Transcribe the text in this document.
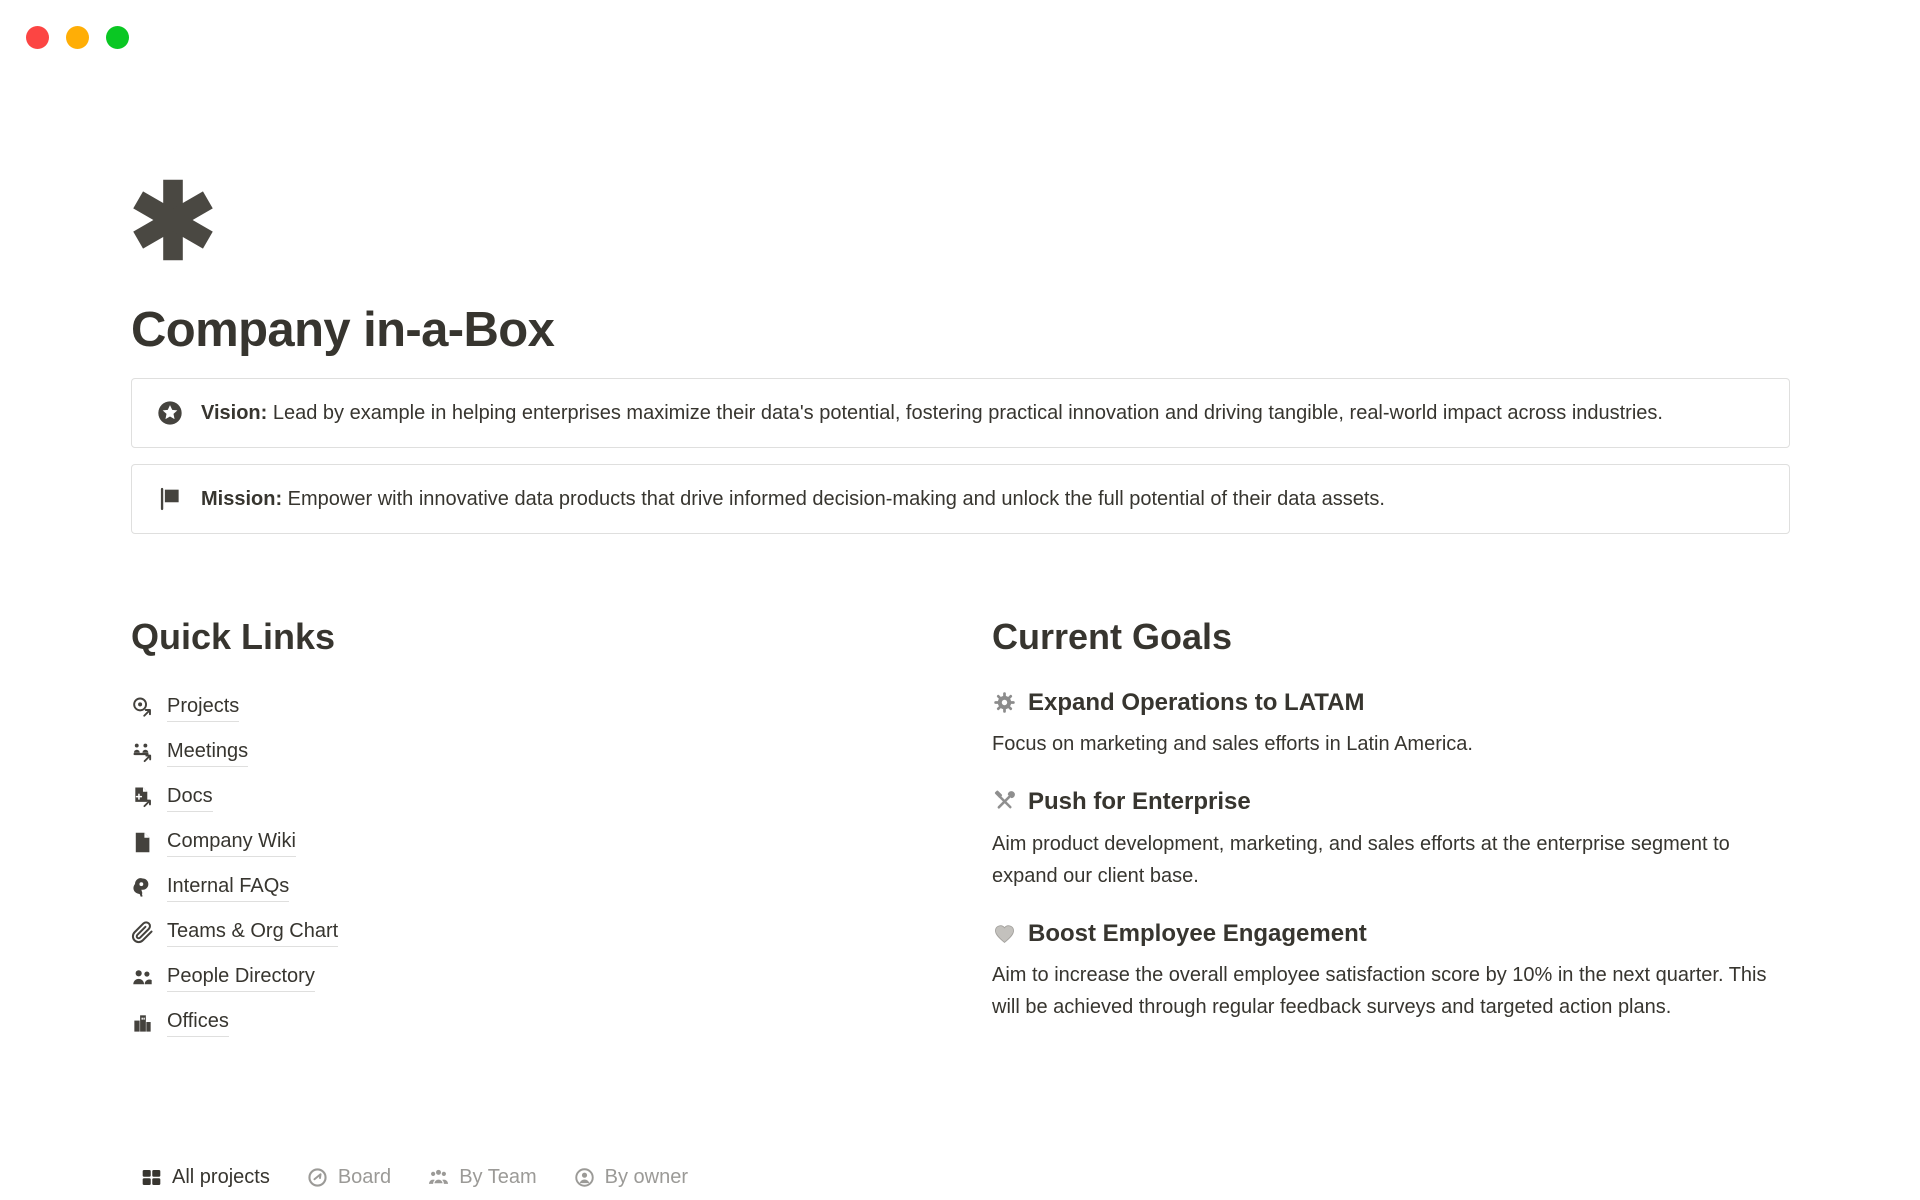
Company in-a-Box
Vision: Lead by example in helping enterprises maximize their data's potential, fostering practical innovation and driving tangible, real-world impact across industries.
Mission: Empower with innovative data products that drive informed decision-making and unlock the full potential of their data assets.
Quick Links
Projects
Meetings
Docs
Company Wiki
Internal FAQs
Teams & Org Chart
People Directory
Offices
Current Goals
Expand Operations to LATAM

Focus on marketing and sales efforts in Latin America.

Push for Enterprise

Aim product development, marketing, and sales efforts at the enterprise segment to expand our client base.

Boost Employee Engagement

Aim to increase the overall employee satisfaction score by 10% in the next quarter. This will be achieved through regular feedback surveys and targeted action plans.

All projects	Board	By Team	By owner
